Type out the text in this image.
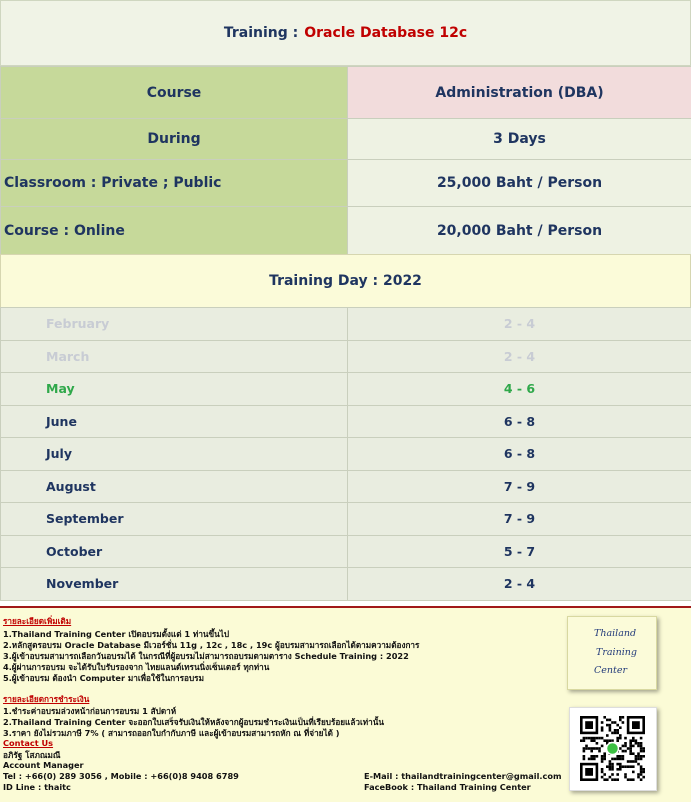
Training : Oracle Database 12c
Course	Administration (DBA)
During	3 Days
Classroom : Private ; Public	25,000 Baht / Person
Course : Online	20,000 Baht / Person
Training Day : 2022
February	2 - 4
March	2 - 4
May	4 - 6
June	6 - 8
July	6 - 8
August	7 - 9
September	7 - 9
October	5 - 7
November	2 - 4
รายละเอียดเพิ่มเติม
1.Thailand Training Center เปิดอบรมตั้งแต่ 1 ท่านขึ้นไป
2.หลักสูตรอบรม Oracle Database มีเวอร์ชั่น 11g , 12c , 18c , 19c ผู้อบรมสามารถเลือกได้ตามความต้องการ
3.ผู้เข้าอบรมสามารถเลือกวันอบรมได้ ในกรณีที่ผู้อบรมไม่สามารถอบรมตามตาราง Schedule Training : 2022
4.ผู้ผ่านการอบรม จะได้รับใบรับรองจาก ไทยแลนด์เทรนนิ่งเซ็นเตอร์ ทุกท่าน
5.ผู้เข้าอบรม ต้องนำ Computer มาเพื่อใช้ในการอบรม
รายละเอียดการชำระเงิน
1.ชำระค่าอบรมล่วงหน้าก่อนการอบรม 1 สัปดาห์
2.Thailand Training Center จะออกใบเสร็จรับเงินให้หลังจากผู้อบรมชำระเงินเป็นที่เรียบร้อยแล้วเท่านั้น
3.ราคา ยังไม่รวมภาษี 7% ( สามารถออกใบกำกับภาษี และผู้เข้าอบรมสามารถหัก ณ ที่จ่ายได้ )
Contact Us
อภิรัฐ โสภณมณี
Account Manager
Tel : +66(0) 289 3056 , Mobile : +66(0)8 9408 6789
ID Line : thaitc
E-Mail : thailandtrainingcenter@gmail.com
FaceBook : Thailand Training Center
Thailand
Training
Center
